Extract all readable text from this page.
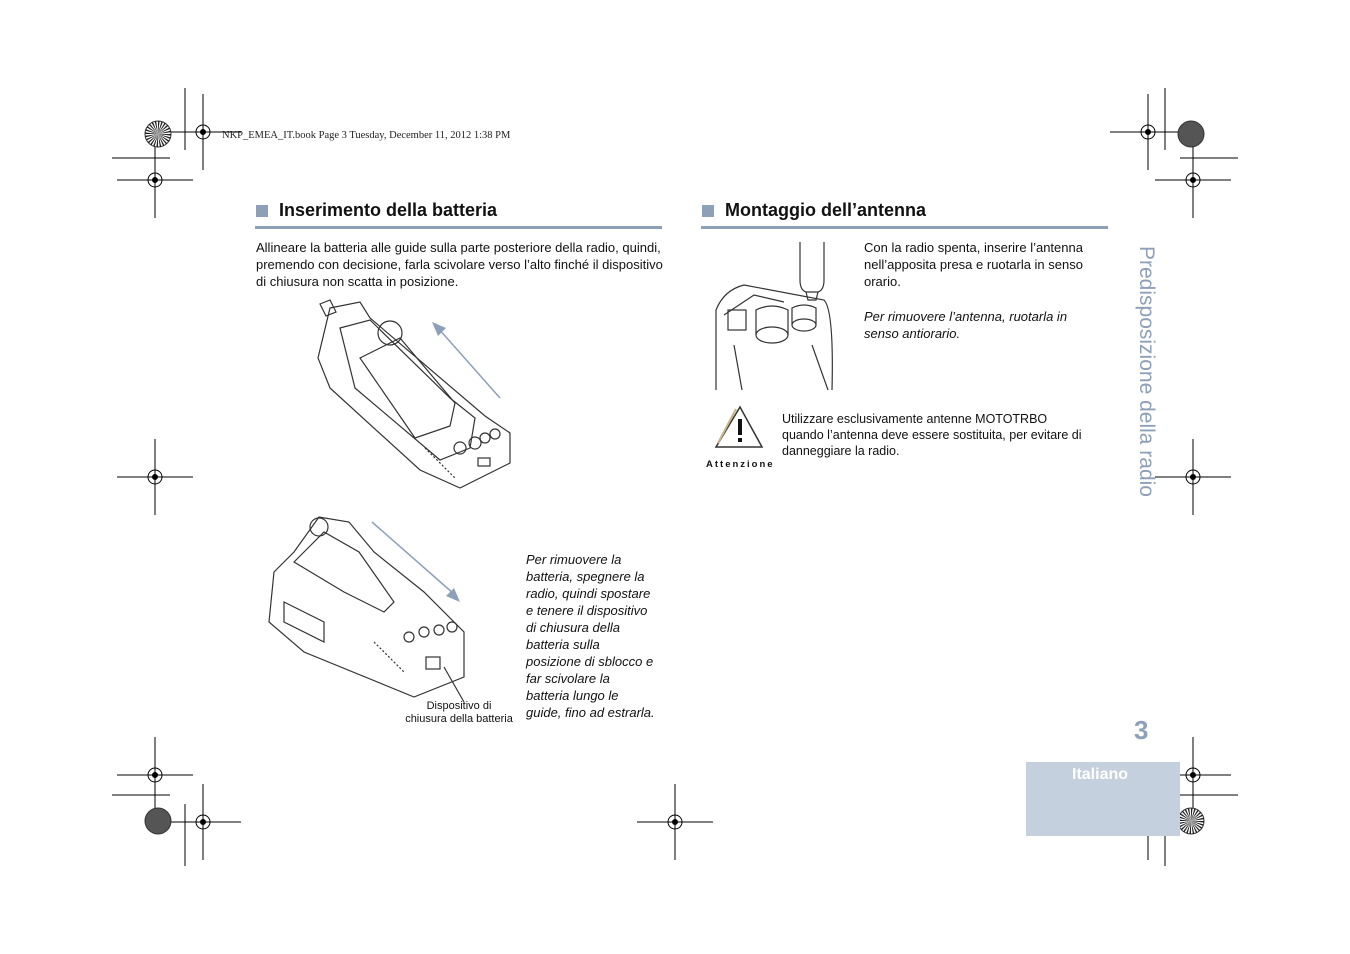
NKP_EMEA_IT.book Page 3 Tuesday, December 11, 2012 1:38 PM
Inserimento della batteria
Allineare la batteria alle guide sulla parte posteriore della radio, quindi, premendo con decisione, farla scivolare verso l’alto finché il dispositivo di chiusura non scatta in posizione.
Dispositivo di
chiusura della batteria
Per rimuovere la
batteria, spegnere la
radio, quindi spostare
e tenere il dispositivo
di chiusura della
batteria sulla
posizione di sblocco e
far scivolare la
batteria lungo le
guide, fino ad estrarla.
Montaggio dell’antenna
Con la radio spenta, inserire l’antenna
nell’apposita presa e ruotarla in senso
orario.
Per rimuovere l’antenna, ruotarla in
senso antiorario.
Attenzione
Utilizzare esclusivamente antenne MOTOTRBO
quando l’antenna deve essere sostituita, per evitare di
danneggiare la radio.	Predisposizione della radio
3
Italiano
